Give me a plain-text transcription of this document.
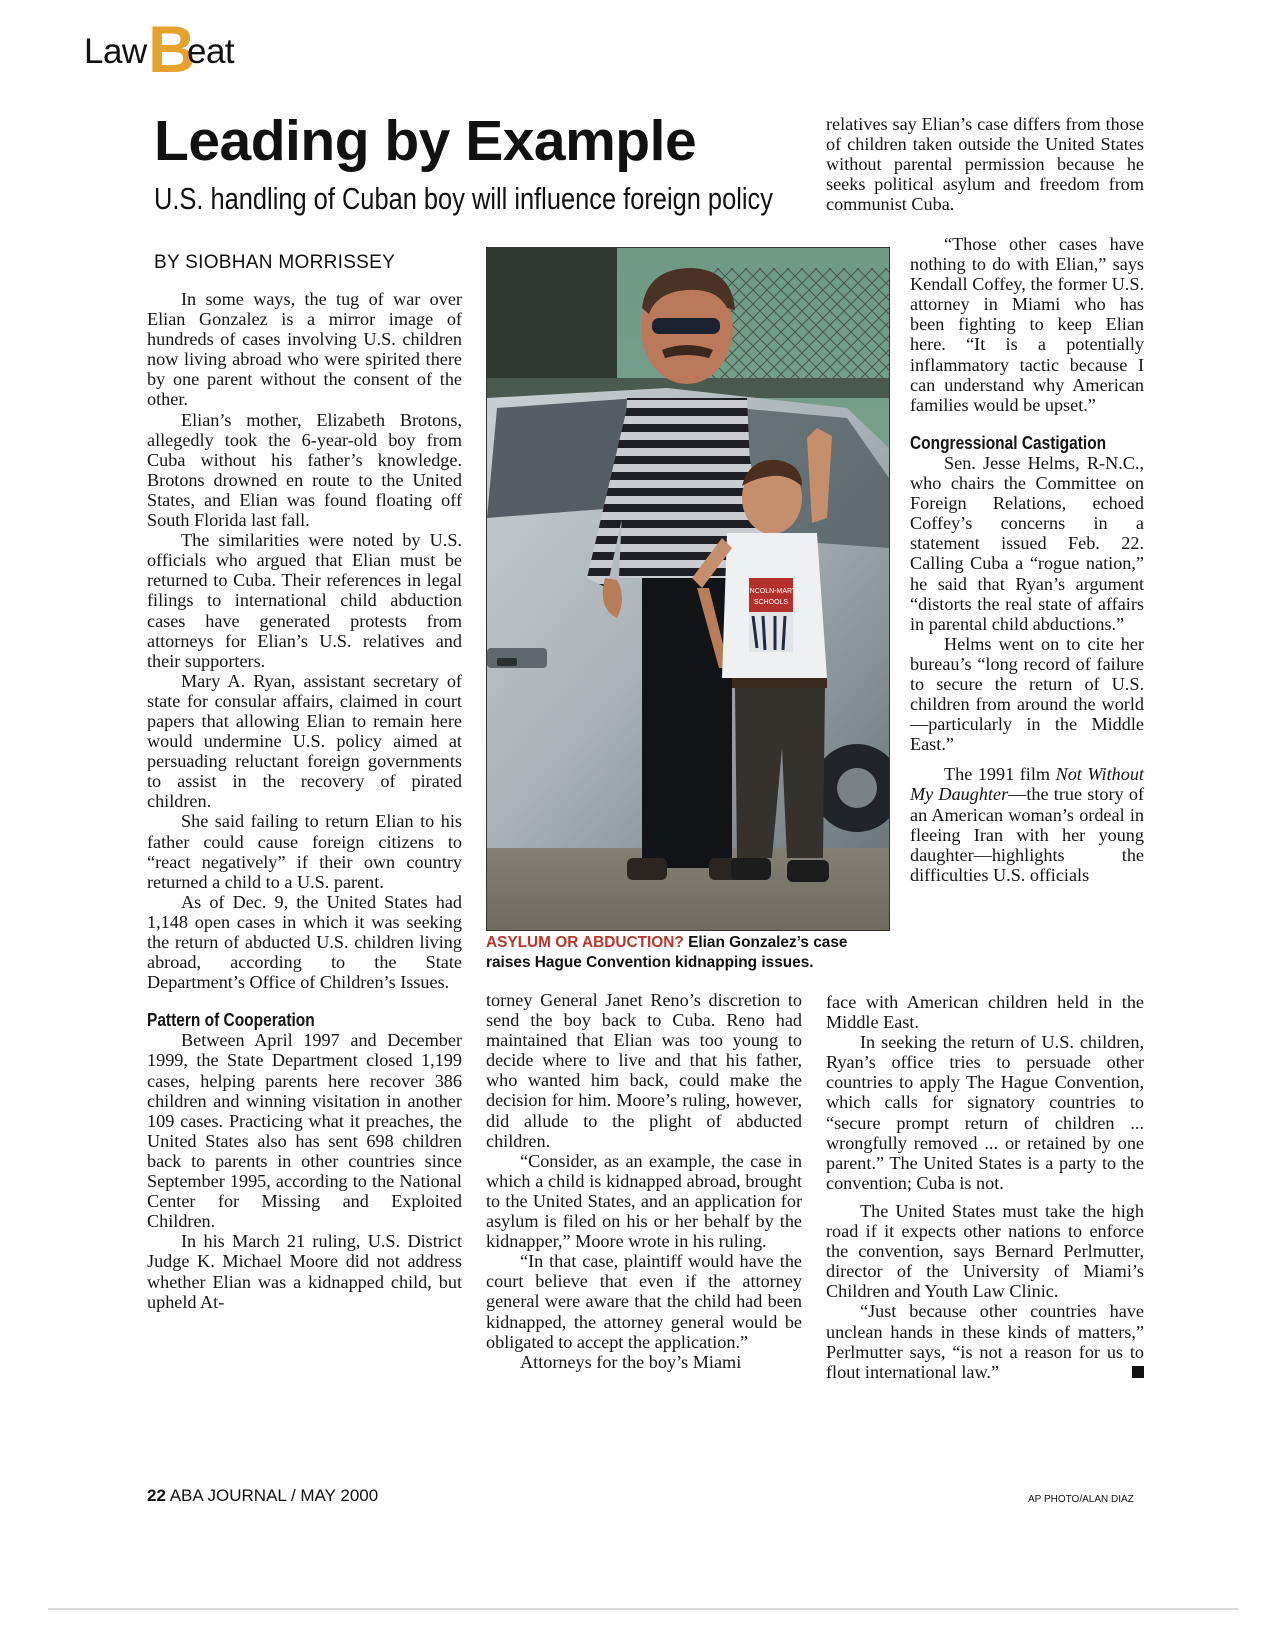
Law B
eat
Leading by Example
U.S. handling of Cuban boy will influence foreign policy
BY SIOBHAN MORRISSEY

In some ways, the tug of war over Elian Gonzalez is a mirror image of hundreds of cases involving U.S. children now living abroad who were spirited there by one parent without the consent of the other.

Elian’s mother, Elizabeth Brotons, allegedly took the 6-year-old boy from Cuba without his father’s knowledge. Brotons drowned en route to the United States, and Elian was found floating off South Florida last fall.

The similarities were noted by U.S. officials who argued that Elian must be returned to Cuba. Their references in legal filings to international child abduction cases have generated protests from attorneys for Elian’s U.S. relatives and their supporters.

Mary A. Ryan, assistant secretary of state for consular affairs, claimed in court papers that allowing Elian to remain here would undermine U.S. policy aimed at persuading reluctant foreign governments to assist in the recovery of pirated children.

She said failing to return Elian to his father could cause foreign citizens to “react negatively” if their own country returned a child to a U.S. parent.

As of Dec. 9, the United States had 1,148 open cases in which it was seeking the return of abducted U.S. children living abroad, according to the State Department’s Office of Children’s Issues.

Pattern of Cooperation

Between April 1997 and December 1999, the State Department closed 1,199 cases, helping parents here recover 386 children and winning visitation in another 109 cases. Practicing what it preaches, the United States also has sent 698 children back to parents in other countries since September 1995, according to the National Center for Missing and Exploited Children.

In his March 21 ruling, U.S. District Judge K. Michael Moore did not address whether Elian was a kidnapped child, but upheld At-

LINCOLN-MARTI
SCHOOLS
ASYLUM OR ABDUCTION? Elian Gonzalez’s case raises Hague Convention kidnapping issues.

torney General Janet Reno’s discretion to send the boy back to Cuba. Reno had maintained that Elian was too young to decide where to live and that his father, who wanted him back, could make the decision for him. Moore’s ruling, however, did allude to the plight of abducted children.

“Consider, as an example, the case in which a child is kidnapped abroad, brought to the United States, and an application for asylum is filed on his or her behalf by the kidnapper,” Moore wrote in his ruling.

“In that case, plaintiff would have the court believe that even if the attorney general were aware that the child had been kidnapped, the attorney general would be obligated to accept the application.”

Attorneys for the boy’s Miami

relatives say Elian’s case differs from those of children taken outside the United States without parental permission because he seeks political asylum and freedom from communist Cuba.

“Those other cases have nothing to do with Elian,” says Kendall Coffey, the former U.S. attorney in Miami who has been fighting to keep Elian here. “It is a potentially inflammatory tactic because I can understand why American families would be upset.”

Congressional Castigation

Sen. Jesse Helms, R-N.C., who chairs the Committee on Foreign Relations, echoed Coffey’s concerns in a statement issued Feb. 22. Calling Cuba a “rogue nation,” he said that Ryan’s argument “distorts the real state of affairs in parental child abductions.”

Helms went on to cite her bureau’s “long record of failure to secure the return of U.S. children from around the world—particularly in the Middle East.”

The 1991 film Not Without My Daughter—the true story of an American woman’s ordeal in fleeing Iran with her young daughter—highlights the difficulties U.S. officials

face with American children held in the Middle East.

In seeking the return of U.S. children, Ryan’s office tries to persuade other countries to apply The Hague Convention, which calls for signatory countries to “secure prompt return of children ... wrongfully removed ... or retained by one parent.” The United States is a party to the convention; Cuba is not.

The United States must take the high road if it expects other nations to enforce the convention, says Bernard Perlmutter, director of the University of Miami’s Children and Youth Law Clinic.

“Just because other countries have unclean hands in these kinds of matters,” Perlmutter says, “is not a reason for us to flout international law.”

22 ABA JOURNAL / MAY 2000	AP PHOTO/ALAN DIAZ
